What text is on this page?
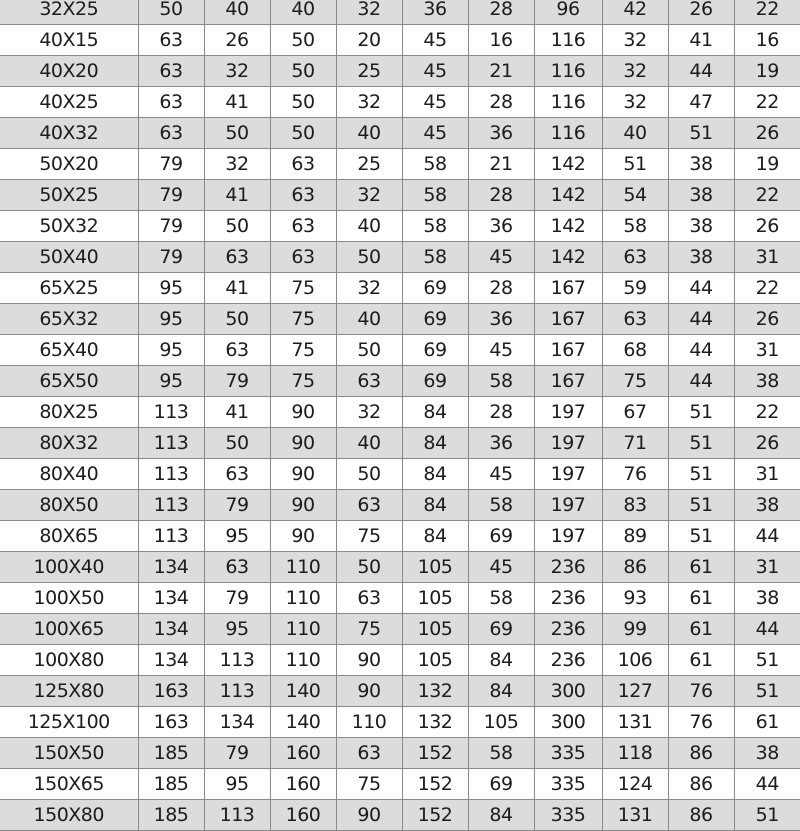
32X25	50	40	40	32	36	28	96	42	26	22
40X15	63	26	50	20	45	16	116	32	41	16
40X20	63	32	50	25	45	21	116	32	44	19
40X25	63	41	50	32	45	28	116	32	47	22
40X32	63	50	50	40	45	36	116	40	51	26
50X20	79	32	63	25	58	21	142	51	38	19
50X25	79	41	63	32	58	28	142	54	38	22
50X32	79	50	63	40	58	36	142	58	38	26
50X40	79	63	63	50	58	45	142	63	38	31
65X25	95	41	75	32	69	28	167	59	44	22
65X32	95	50	75	40	69	36	167	63	44	26
65X40	95	63	75	50	69	45	167	68	44	31
65X50	95	79	75	63	69	58	167	75	44	38
80X25	113	41	90	32	84	28	197	67	51	22
80X32	113	50	90	40	84	36	197	71	51	26
80X40	113	63	90	50	84	45	197	76	51	31
80X50	113	79	90	63	84	58	197	83	51	38
80X65	113	95	90	75	84	69	197	89	51	44
100X40	134	63	110	50	105	45	236	86	61	31
100X50	134	79	110	63	105	58	236	93	61	38
100X65	134	95	110	75	105	69	236	99	61	44
100X80	134	113	110	90	105	84	236	106	61	51
125X80	163	113	140	90	132	84	300	127	76	51
125X100	163	134	140	110	132	105	300	131	76	61
150X50	185	79	160	63	152	58	335	118	86	38
150X65	185	95	160	75	152	69	335	124	86	44
150X80	185	113	160	90	152	84	335	131	86	51
